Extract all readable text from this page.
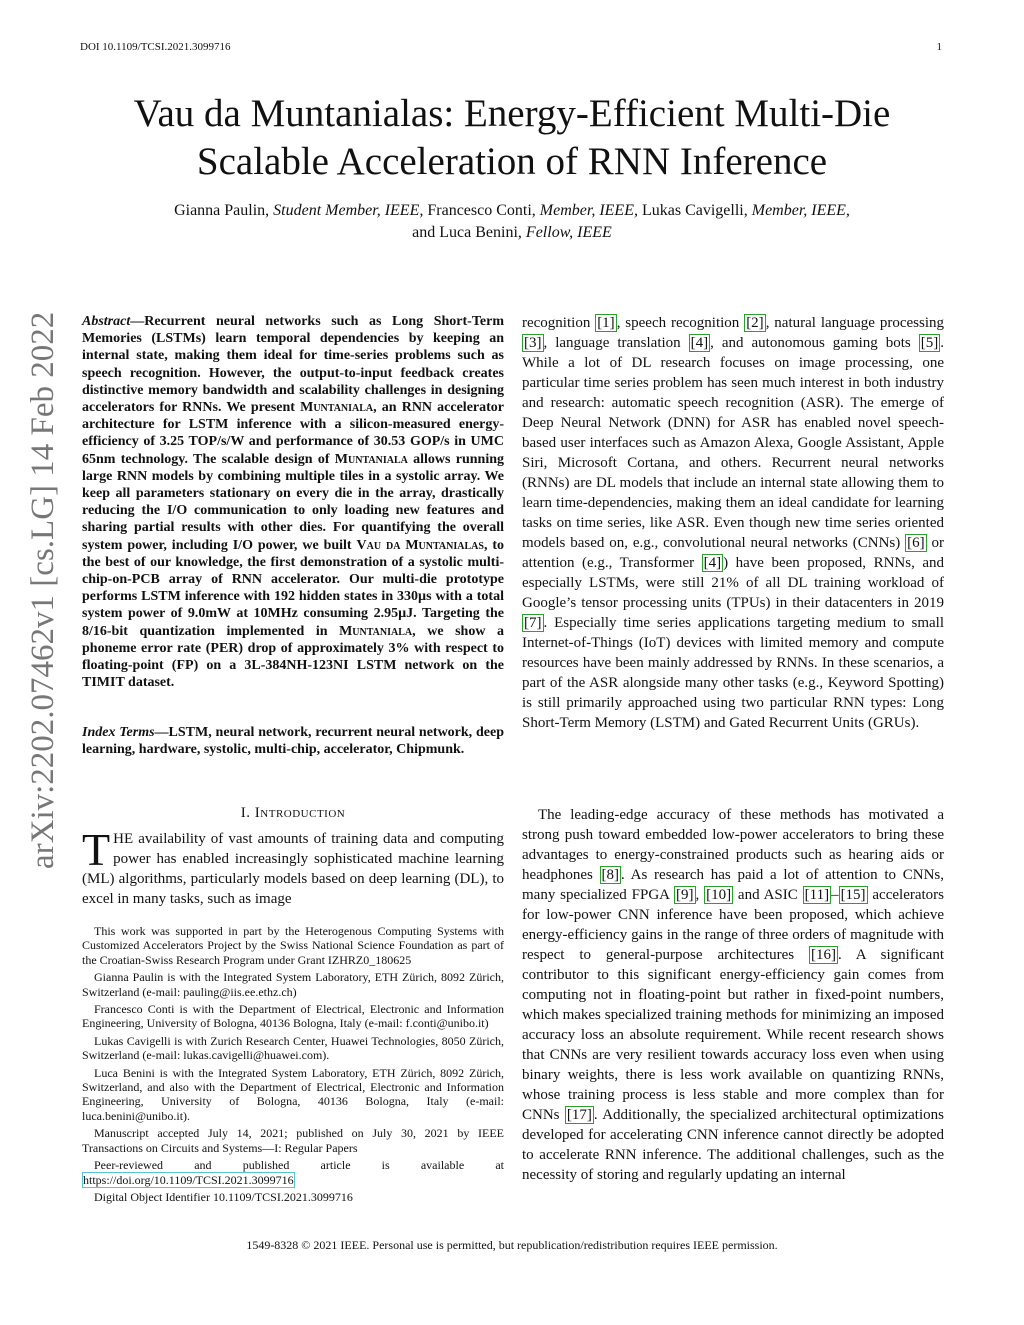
DOI 10.1109/TCSI.2021.3099716	1
arXiv:2202.07462v1 [cs.LG] 14 Feb 2022
Vau da Muntanialas: Energy-Efficient Multi-Die
Scalable Acceleration of RNN Inference
Gianna Paulin, Student Member, IEEE, Francesco Conti, Member, IEEE, Lukas Cavigelli, Member, IEEE,
and Luca Benini, Fellow, IEEE
Abstract—Recurrent neural networks such as Long Short-Term Memories (LSTMs) learn temporal dependencies by keeping an internal state, making them ideal for time-series problems such as speech recognition. However, the output-to-input feedback creates distinctive memory bandwidth and scalability challenges in designing accelerators for RNNs. We present Muntaniala, an RNN accelerator architecture for LSTM inference with a silicon-measured energy-efficiency of 3.25 TOP/s/W and performance of 30.53 GOP/s in UMC 65nm technology. The scalable design of Muntaniala allows running large RNN models by combining multiple tiles in a systolic array. We keep all parameters stationary on every die in the array, drastically reducing the I/O communication to only loading new features and sharing partial results with other dies. For quantifying the overall system power, including I/O power, we built Vau da Muntanialas, to the best of our knowledge, the first demonstration of a systolic multi-chip-on-PCB array of RNN accelerator. Our multi-die prototype performs LSTM inference with 192 hidden states in 330µs with a total system power of 9.0mW at 10MHz consuming 2.95µJ. Targeting the 8/16-bit quantization implemented in Muntaniala, we show a phoneme error rate (PER) drop of approximately 3% with respect to floating-point (FP) on a 3L-384NH-123NI LSTM network on the TIMIT dataset.
Index Terms—LSTM, neural network, recurrent neural network, deep learning, hardware, systolic, multi-chip, accelerator, Chipmunk.
I. Introduction
THE availability of vast amounts of training data and computing power has enabled increasingly sophisticated machine learning (ML) algorithms, particularly models based on deep learning (DL), to excel in many tasks, such as image

This work was supported in part by the Heterogenous Computing Systems with Customized Accelerators Project by the Swiss National Science Foundation as part of the Croatian-Swiss Research Program under Grant IZHRZ0_180625

Gianna Paulin is with the Integrated System Laboratory, ETH Zürich, 8092 Zürich, Switzerland (e-mail: pauling@iis.ee.ethz.ch)

Francesco Conti is with the Department of Electrical, Electronic and Information Engineering, University of Bologna, 40136 Bologna, Italy (e-mail: f.conti@unibo.it)

Lukas Cavigelli is with Zurich Research Center, Huawei Technologies, 8050 Zürich, Switzerland (e-mail: lukas.cavigelli@huawei.com).

Luca Benini is with the Integrated System Laboratory, ETH Zürich, 8092 Zürich, Switzerland, and also with the Department of Electrical, Electronic and Information Engineering, University of Bologna, 40136 Bologna, Italy (e-mail: luca.benini@unibo.it).

Manuscript accepted July 14, 2021; published on July 30, 2021 by IEEE Transactions on Circuits and Systems—I: Regular Papers

Peer-reviewed and published article is available at https://doi.org/10.1109/TCSI.2021.3099716

Digital Object Identifier 10.1109/TCSI.2021.3099716

recognition [1] , speech recognition [2] , natural language processing [3] , language translation [4] , and autonomous gaming bots [5] . While a lot of DL research focuses on image processing, one particular time series problem has seen much interest in both industry and research: automatic speech recognition (ASR). The emerge of Deep Neural Network (DNN) for ASR has enabled novel speech-based user interfaces such as Amazon Alexa, Google Assistant, Apple Siri, Microsoft Cortana, and others. Recurrent neural networks (RNNs) are DL models that include an internal state allowing them to learn time-dependencies, making them an ideal candidate for learning tasks on time series, like ASR. Even though new time series oriented models based on, e.g., convolutional neural networks (CNNs) [6] or attention (e.g., Transformer [4] ) have been proposed, RNNs, and especially LSTMs, were still 21% of all DL training workload of Google’s tensor processing units (TPUs) in their datacenters in 2019 [7] . Especially time series applications targeting medium to small Internet-of-Things (IoT) devices with limited memory and compute resources have been mainly addressed by RNNs. In these scenarios, a part of the ASR alongside many other tasks (e.g., Keyword Spotting) is still primarily approached using two particular RNN types: Long Short-Term Memory (LSTM) and Gated Recurrent Units (GRUs).
The leading-edge accuracy of these methods has motivated a strong push toward embedded low-power accelerators to bring these advantages to energy-constrained products such as hearing aids or headphones [8] . As research has paid a lot of attention to CNNs, many specialized FPGA [9] , [10] and ASIC [11] – [15] accelerators for low-power CNN inference have been proposed, which achieve energy-efficiency gains in the range of three orders of magnitude with respect to general-purpose architectures [16] . A significant contributor to this significant energy-efficiency gain comes from computing not in floating-point but rather in fixed-point numbers, which makes specialized training methods for minimizing an imposed accuracy loss an absolute requirement. While recent research shows that CNNs are very resilient towards accuracy loss even when using binary weights, there is less work available on quantizing RNNs, whose training process is less stable and more complex than for CNNs [17] . Additionally, the specialized architectural optimizations developed for accelerating CNN inference cannot directly be adopted to accelerate RNN inference. The additional challenges, such as the necessity of storing and regularly updating an internal
1549-8328 © 2021 IEEE. Personal use is permitted, but republication/redistribution requires IEEE permission.
